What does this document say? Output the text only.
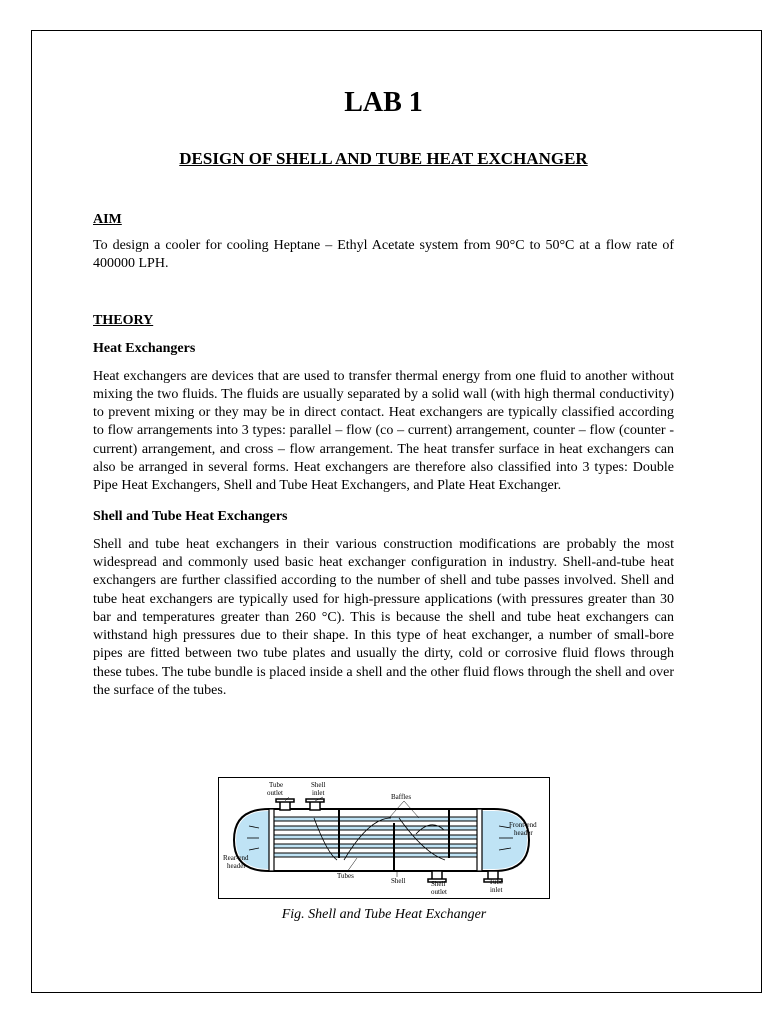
LAB 1
DESIGN OF SHELL AND TUBE HEAT EXCHANGER
AIM

To design a cooler for cooling Heptane – Ethyl Acetate system from 90°C to 50°C at a flow rate of 400000 LPH.

THEORY
Heat Exchangers

Heat exchangers are devices that are used to transfer thermal energy from one fluid to another without mixing the two fluids. The fluids are usually separated by a solid wall (with high thermal conductivity) to prevent mixing or they may be in direct contact. Heat exchangers are typically classified according to flow arrangements into 3 types: parallel – flow (co – current) arrangement, counter – flow (counter - current) arrangement, and cross – flow arrangement. The heat transfer surface in heat exchangers can also be arranged in several forms. Heat exchangers are therefore also classified into 3 types: Double Pipe Heat Exchangers, Shell and Tube Heat Exchangers, and Plate Heat Exchanger.

Shell and Tube Heat Exchangers

Shell and tube heat exchangers in their various construction modifications are probably the most widespread and commonly used basic heat exchanger configuration in industry. Shell-and-tube heat exchangers are further classified according to the number of shell and tube passes involved. Shell and tube heat exchangers are typically used for high-pressure applications (with pressures greater than 30 bar and temperatures greater than 260 °C). This is because the shell and tube heat exchangers can withstand high pressures due to their shape. In this type of heat exchanger, a number of small-bore pipes are fitted between two tube plates and usually the dirty, cold or corrosive fluid flows through these tubes. The tube bundle is placed inside a shell and the other fluid flows through the shell and over the surface of the tubes.

Tube
outlet
Shell
inlet	Baffles
Front-end
header
Rear-end
header
Tubes
Shell	Shell
outlet
Tube
inlet
Fig. Shell and Tube Heat Exchanger
